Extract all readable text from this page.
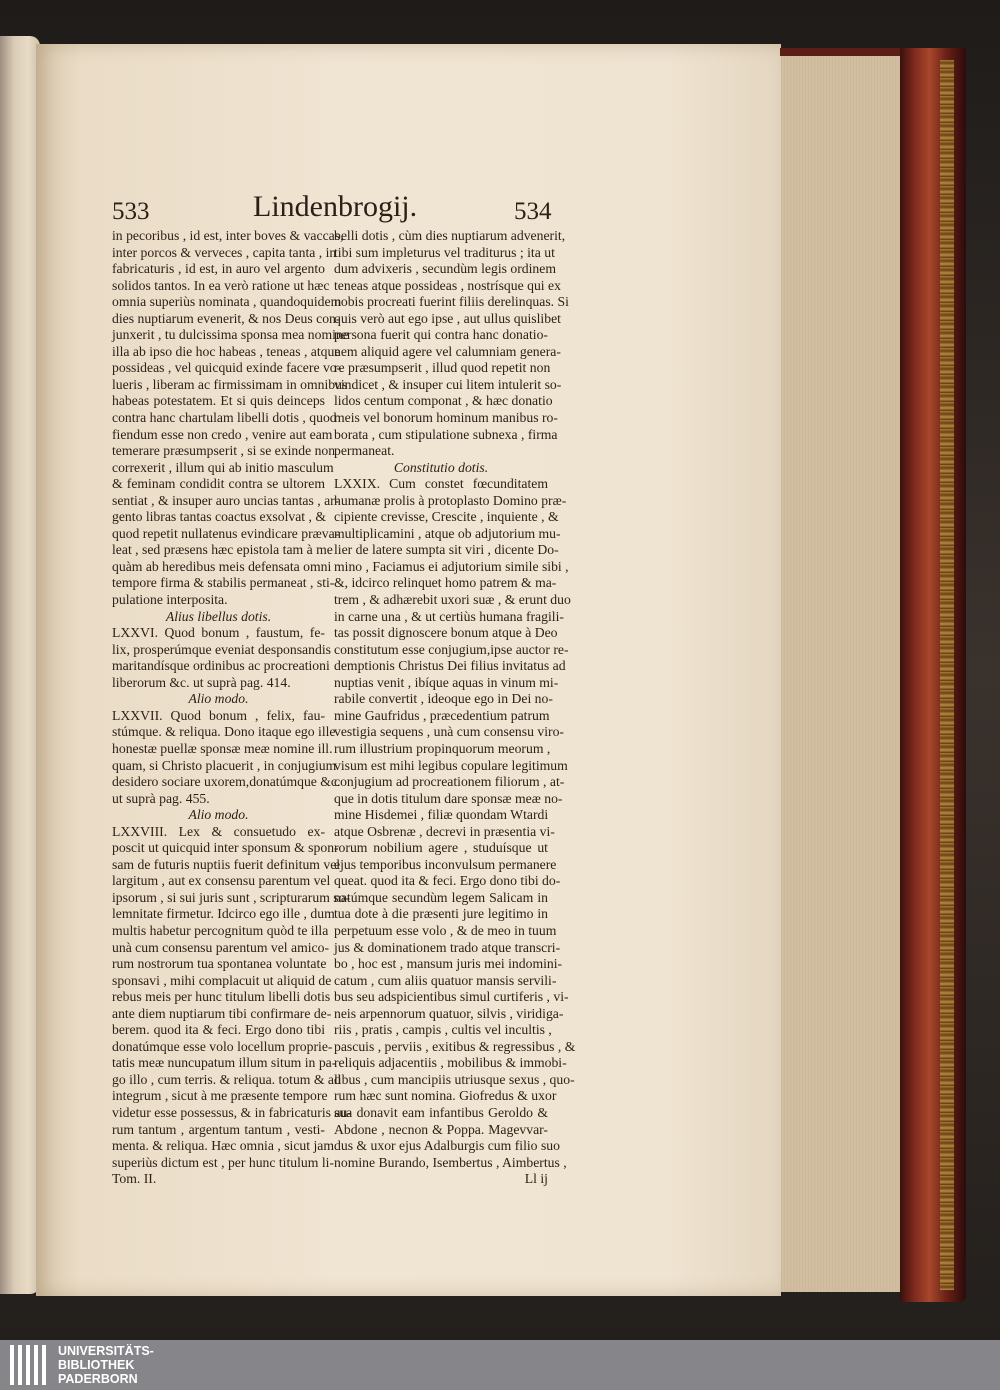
533	Lindenbrogij.	534
in pecoribus , id est, inter boves & vaccas,
inter porcos & verveces , capita tanta , in
fabricaturis , id est, in auro vel argento
solidos tantos. In ea verò ratione ut hæc
omnia superiùs nominata , quandoquidem
dies nuptiarum evenerit, & nos Deus con-
junxerit , tu dulcissima sponsa mea nomine
illa ab ipso die hoc habeas , teneas , atque
possideas , vel quicquid exinde facere vo-
lueris , liberam ac firmissimam in omnibus
habeas potestatem. Et si quis deinceps
contra hanc chartulam libelli dotis , quod
fiendum esse non credo , venire aut eam
temerare præsumpserit , si se exinde non
correxerit , illum qui ab initio masculum
& feminam condidit contra se ultorem
sentiat , & insuper auro uncias tantas , ar-
gento libras tantas coactus exsolvat , &
quod repetit nullatenus evindicare præva-
leat , sed præsens hæc epistola tam à me
quàm ab heredibus meis defensata omni
tempore firma & stabilis permaneat , sti-
pulatione interposita.
Alius libellus dotis.
LXXVI. Quod bonum , faustum, fe-
lix, prosperúmque eveniat desponsandis
maritandísque ordinibus ac procreationi
liberorum &c. ut suprà pag. 414.
Alio modo.
LXXVII. Quod bonum , felix, fau-
stúmque. & reliqua. Dono itaque ego ille
honestæ puellæ sponsæ meæ nomine ill.
quam, si Christo placuerit , in conjugium
desidero sociare uxorem,donatúmque &c.
ut suprà pag. 455.
Alio modo.
LXXVIII. Lex & consuetudo ex-
poscit ut quicquid inter sponsum & spon-
sam de futuris nuptiis fuerit definitum vel
largitum , aut ex consensu parentum vel
ipsorum , si sui juris sunt , scripturarum so-
lemnitate firmetur. Idcirco ego ille , dum
multis habetur percognitum quòd te illa
unà cum consensu parentum vel amico-
rum nostrorum tua spontanea voluntate
sponsavi , mihi complacuit ut aliquid de
rebus meis per hunc titulum libelli dotis
ante diem nuptiarum tibi confirmare de-
berem. quod ita & feci. Ergo dono tibi
donatúmque esse volo locellum proprie-
tatis meæ nuncupatum illum situm in pa-
go illo , cum terris. & reliqua. totum & ad
integrum , sicut à me præsente tempore
videtur esse possessus, & in fabricaturis au-
rum tantum , argentum tantum , vesti-
menta. & reliqua. Hæc omnia , sicut jam
superiùs dictum est , per hunc titulum li-
Tom. II.
belli dotis , cùm dies nuptiarum advenerit,
tibi sum impleturus vel traditurus ; ita ut
dum advixeris , secundùm legis ordinem
teneas atque possideas , nostrísque qui ex
nobis procreati fuerint filiis derelinquas. Si
quis verò aut ego ipse , aut ullus quislibet
persona fuerit qui contra hanc donatio-
nem aliquid agere vel calumniam genera-
re præsumpserit , illud quod repetit non
vindicet , & insuper cui litem intulerit so-
lidos centum componat , & hæc donatio
meis vel bonorum hominum manibus ro-
borata , cum stipulatione subnexa , firma
permaneat.
Constitutio dotis.
LXXIX. Cum constet fœcunditatem
humanæ prolis à protoplasto Domino præ-
cipiente crevisse, Crescite , inquiente , &
multiplicamini , atque ob adjutorium mu-
lier de latere sumpta sit viri , dicente Do-
mino , Faciamus ei adjutorium simile sibi ,
&, idcirco relinquet homo patrem & ma-
trem , & adhærebit uxori suæ , & erunt duo
in carne una , & ut certiùs humana fragili-
tas possit dignoscere bonum atque à Deo
constitutum esse conjugium,ipse auctor re-
demptionis Christus Dei filius invitatus ad
nuptias venit , ibíque aquas in vinum mi-
rabile convertit , ideoque ego in Dei no-
mine Gaufridus , præcedentium patrum
vestigia sequens , unà cum consensu viro-
rum illustrium propinquorum meorum ,
visum est mihi legibus copulare legitimum
conjugium ad procreationem filiorum , at-
que in dotis titulum dare sponsæ meæ no-
mine Hisdemei , filiæ quondam Wtardi
atque Osbrenæ , decrevi in præsentia vi-
rorum nobilium agere , studuísque ut
ejus temporibus inconvulsum permanere
queat. quod ita & feci. Ergo dono tibi do-
natúmque secundùm legem Salicam in
tua dote à die præsenti jure legitimo in
perpetuum esse volo , & de meo in tuum
jus & dominationem trado atque transcri-
bo , hoc est , mansum juris mei indomini-
catum , cum aliis quatuor mansis servili-
bus seu adspicientibus simul curtiferis , vi-
neis arpennorum quatuor, silvis , viridiga-
riis , pratis , campis , cultis vel incultis ,
pascuis , perviis , exitibus & regressibus , &
reliquis adjacentiis , mobilibus & immobi-
libus , cum mancipiis utriusque sexus , quo-
rum hæc sunt nomina. Giofredus & uxor
sua donavit eam infantibus Geroldo &
Abdone , necnon & Poppa. Magevvar-
dus & uxor ejus Adalburgis cum filio suo
nomine Burando, Isembertus , Aimbertus ,
Ll ij
UNIVERSITÄTS-
BIBLIOTHEK
PADERBORN
